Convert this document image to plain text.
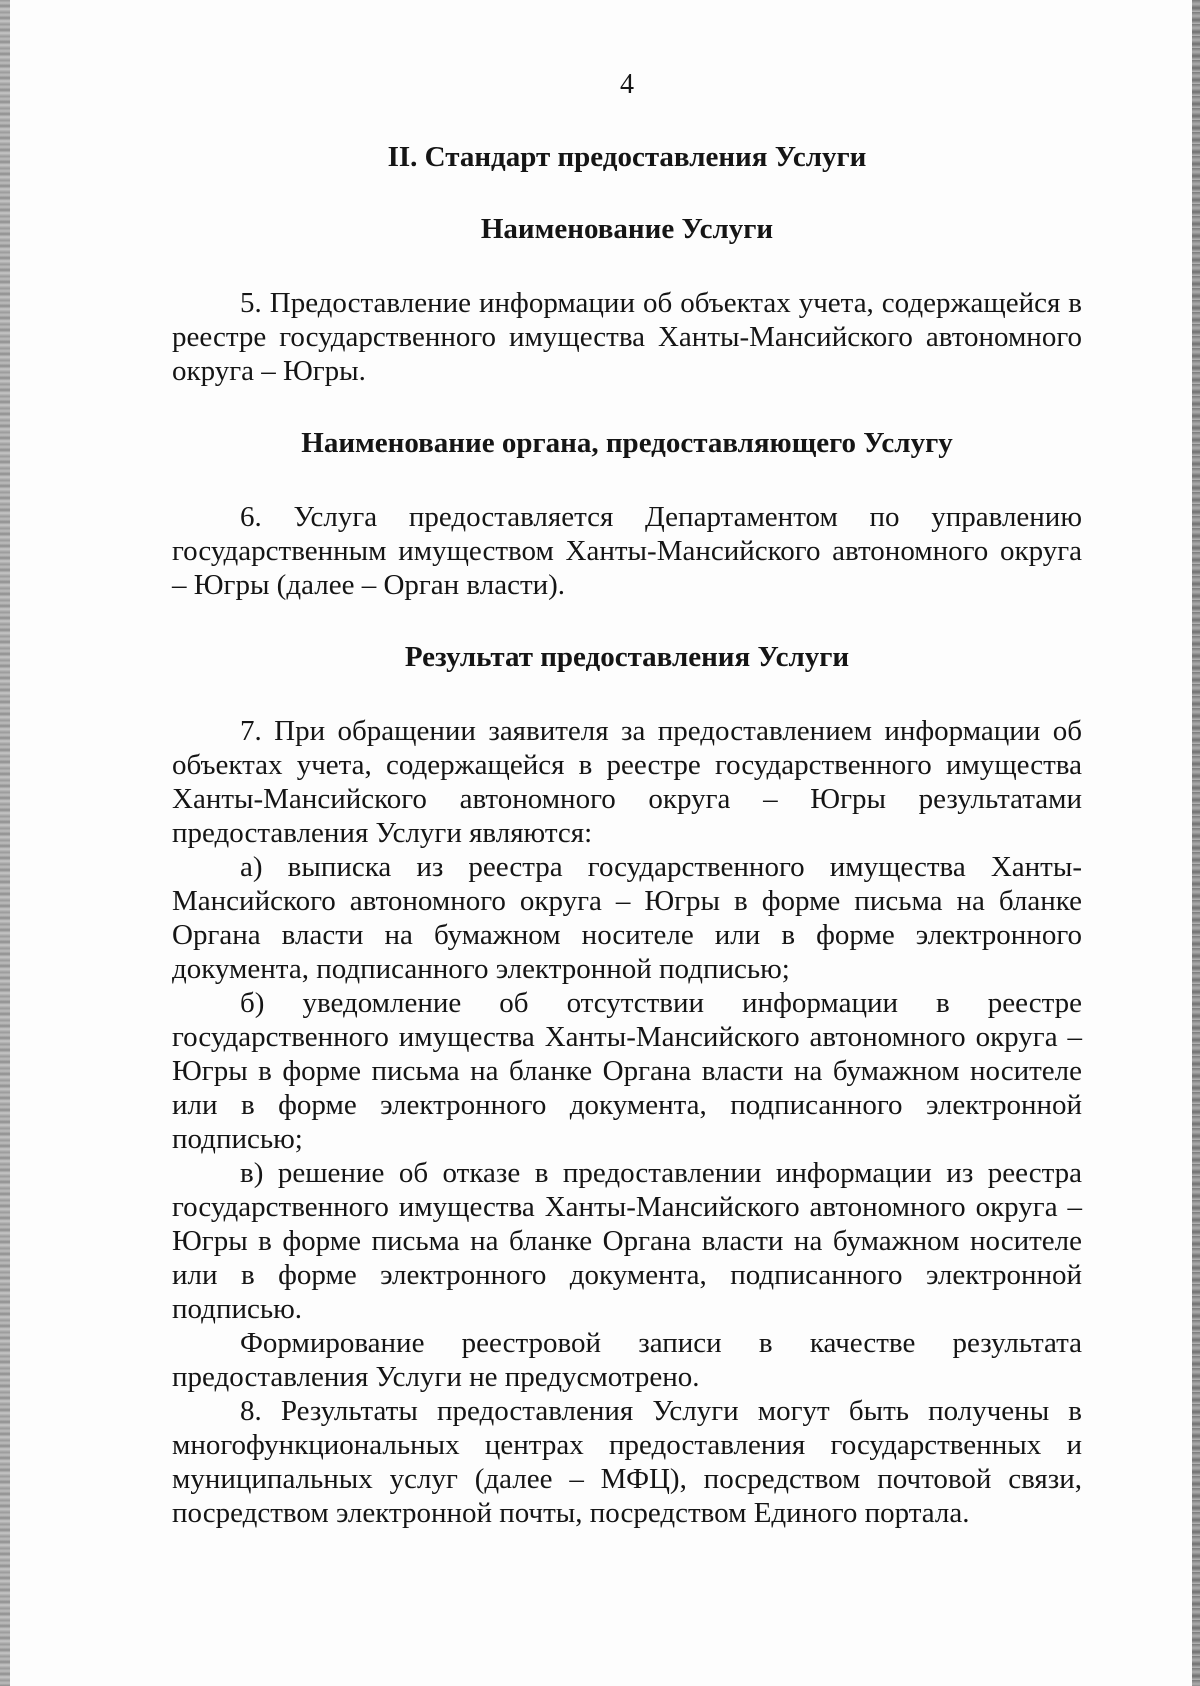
4
II. Стандарт предоставления Услуги
Наименование Услуги

5. Предоставление информации об объектах учета, содержащейся в реестре государственного имущества Ханты-Мансийского автономного округа – Югры.

Наименование органа, предоставляющего Услугу

6. Услуга предоставляется Департаментом по управлению государственным имуществом Ханты-Мансийского автономного округа – Югры (далее – Орган власти).

Результат предоставления Услуги

7. При обращении заявителя за предоставлением информации об объектах учета, содержащейся в реестре государственного имущества Ханты-Мансийского автономного округа – Югры результатами предоставления Услуги являются:

а) выписка из реестра государственного имущества Ханты-Мансийского автономного округа – Югры в форме письма на бланке Органа власти на бумажном носителе или в форме электронного документа, подписанного электронной подписью;

б) уведомление об отсутствии информации в реестре государственного имущества Ханты-Мансийского автономного округа – Югры в форме письма на бланке Органа власти на бумажном носителе или в форме электронного документа, подписанного электронной подписью;

в) решение об отказе в предоставлении информации из реестра государственного имущества Ханты-Мансийского автономного округа – Югры в форме письма на бланке Органа власти на бумажном носителе или в форме электронного документа, подписанного электронной подписью.

Формирование реестровой записи в качестве результата предоставления Услуги не предусмотрено.

8. Результаты предоставления Услуги могут быть получены в многофункциональных центрах предоставления государственных и муниципальных услуг (далее – МФЦ), посредством почтовой связи, посредством электронной почты, посредством Единого портала.
